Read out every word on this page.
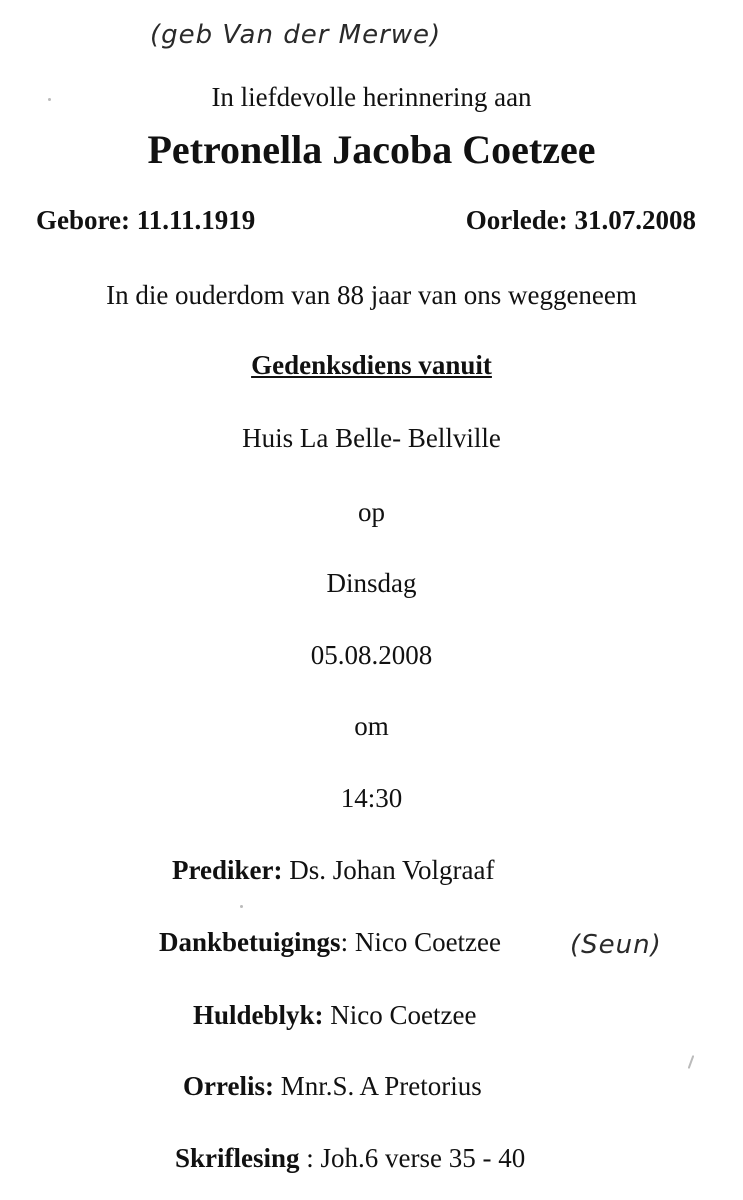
(geb Van der Merwe)
In liefdevolle herinnering aan
Petronella Jacoba Coetzee
Gebore: 11.11.1919	Oorlede: 31.07.2008
In die ouderdom van 88 jaar van ons weggeneem
Gedenksdiens vanuit
Huis La Belle- Bellville
op
Dinsdag
05.08.2008
om
14:30
Prediker: Ds. Johan Volgraaf
Dankbetuigings: Nico Coetzee	(Seun)
Huldeblyk: Nico Coetzee
Orrelis: Mnr.S. A Pretorius
Skriflesing : Joh.6 verse 35 - 40
